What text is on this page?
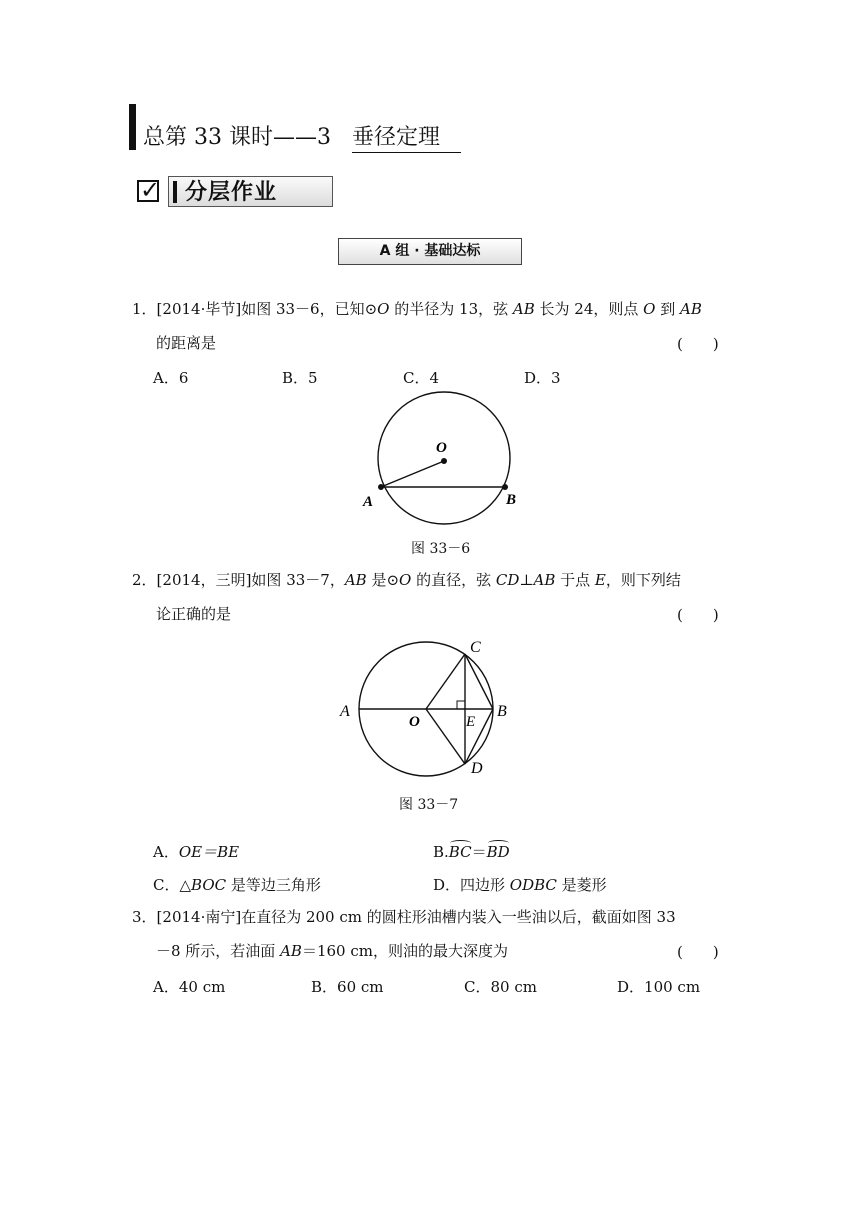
总第 33 课时——3 垂径定理
✓ 分层作业
A 组 · 基础达标
1．[2014·毕节]如图 33－6，已知⊙O 的半径为 13，弦 AB 长为 24，则点 O 到 AB
的距离是	(　　)
A．6	B．5	C．4	D．3
O
A	B
图 33－6
2．[2014，三明]如图 33－7，AB 是⊙O 的直径，弦 CD⊥AB 于点 E，则下列结
论正确的是	(　　)
A
O	E
B
C
D
图 33－7
A．OE＝BE	B.BC＝BD
C．△BOC 是等边三角形	D．四边形 ODBC 是菱形
3．[2014·南宁]在直径为 200 cm 的圆柱形油槽内装入一些油以后，截面如图 33
－8 所示，若油面 AB＝160 cm，则油的最大深度为	(　　)
A．40 cm	B．60 cm	C．80 cm	D．100 cm
